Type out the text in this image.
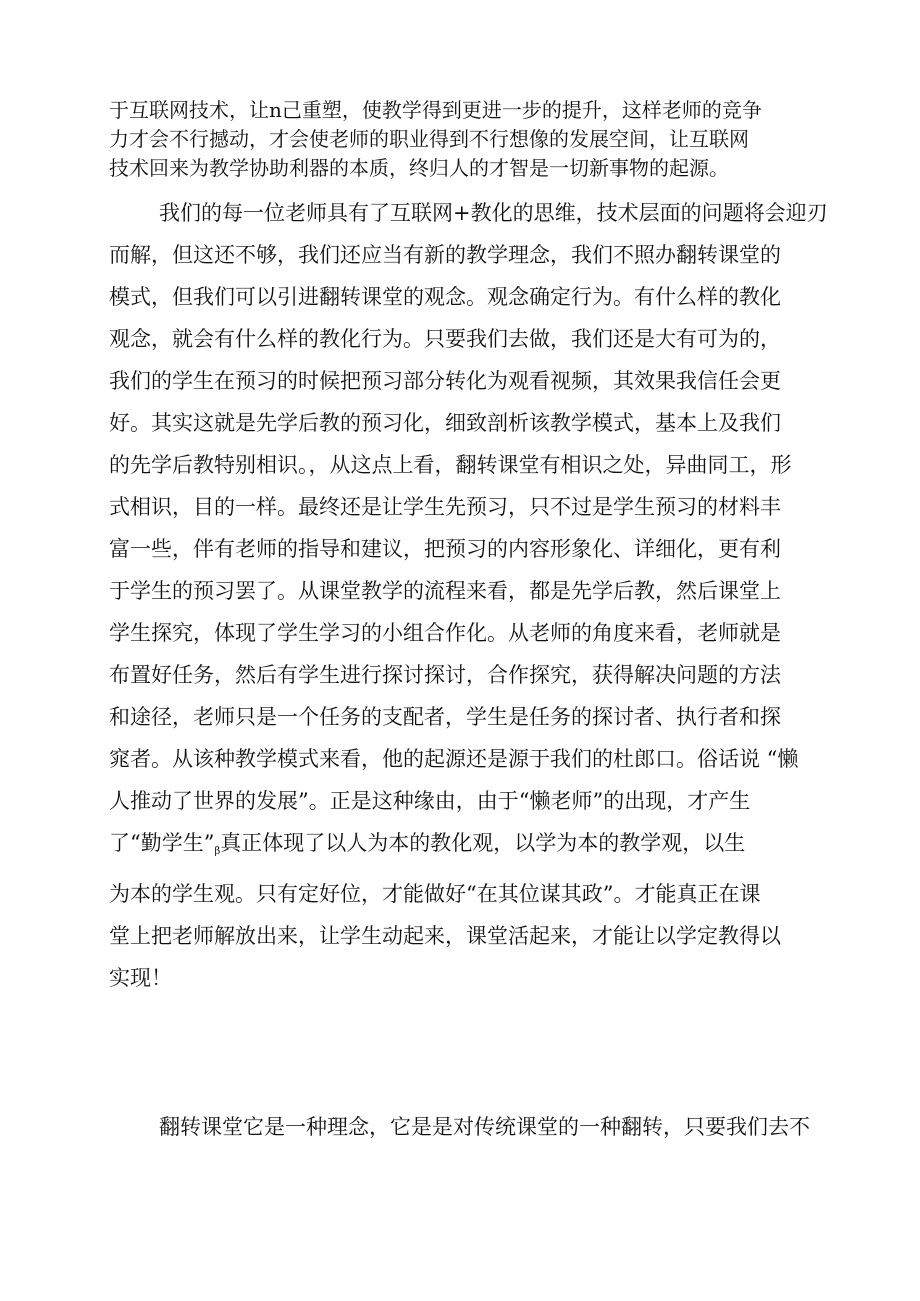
于互联网技术，让n己重塑，使教学得到更进一步的提升，这样老师的竞争
力才会不行撼动，才会使老师的职业得到不行想像的发展空间，让互联网
技术回来为教学协助利器的本质，终归人的才智是一切新事物的起源。

我们的每一位老师具有了互联网+教化的思维，技术层面的问题将会迎刃
而解，但这还不够，我们还应当有新的教学理念，我们不照办翻转课堂的
模式，但我们可以引进翻转课堂的观念。观念确定行为。有什么样的教化
观念，就会有什么样的教化行为。只要我们去做，我们还是大有可为的，
我们的学生在预习的时候把预习部分转化为观看视频，其效果我信任会更
好。其实这就是先学后教的预习化，细致剖析该教学模式，基本上及我们
的先学后教特别相识。，从这点上看，翻转课堂有相识之处，异曲同工，形
式相识，目的一样。最终还是让学生先预习，只不过是学生预习的材料丰
富一些，伴有老师的指导和建议，把预习的内容形象化、详细化，更有利
于学生的预习罢了。从课堂教学的流程来看，都是先学后教，然后课堂上
学生探究，体现了学生学习的小组合作化。从老师的角度来看，老师就是
布置好任务，然后有学生进行探讨探讨，合作探究，获得解决问题的方法
和途径，老师只是一个任务的支配者，学生是任务的探讨者、执行者和探
窕者。从该种教学模式来看，他的起源还是源于我们的杜郎口。俗话说 “懒
人推动了世界的发展”。正是这种缘由，由于“懒老师”的出现，才产生
了“勤学生$”_\beta$真正体现了以人为本的教化观，以学为本的教学观，以生
为本的学生观。只有定好位，才能做好“在其位谋其政”。才能真正在课
堂上把老师解放出来，让学生动起来，课堂活起来，才能让以学定教得以
实现！

翻转课堂它是一种理念，它是是对传统课堂的一种翻转，只要我们去不
